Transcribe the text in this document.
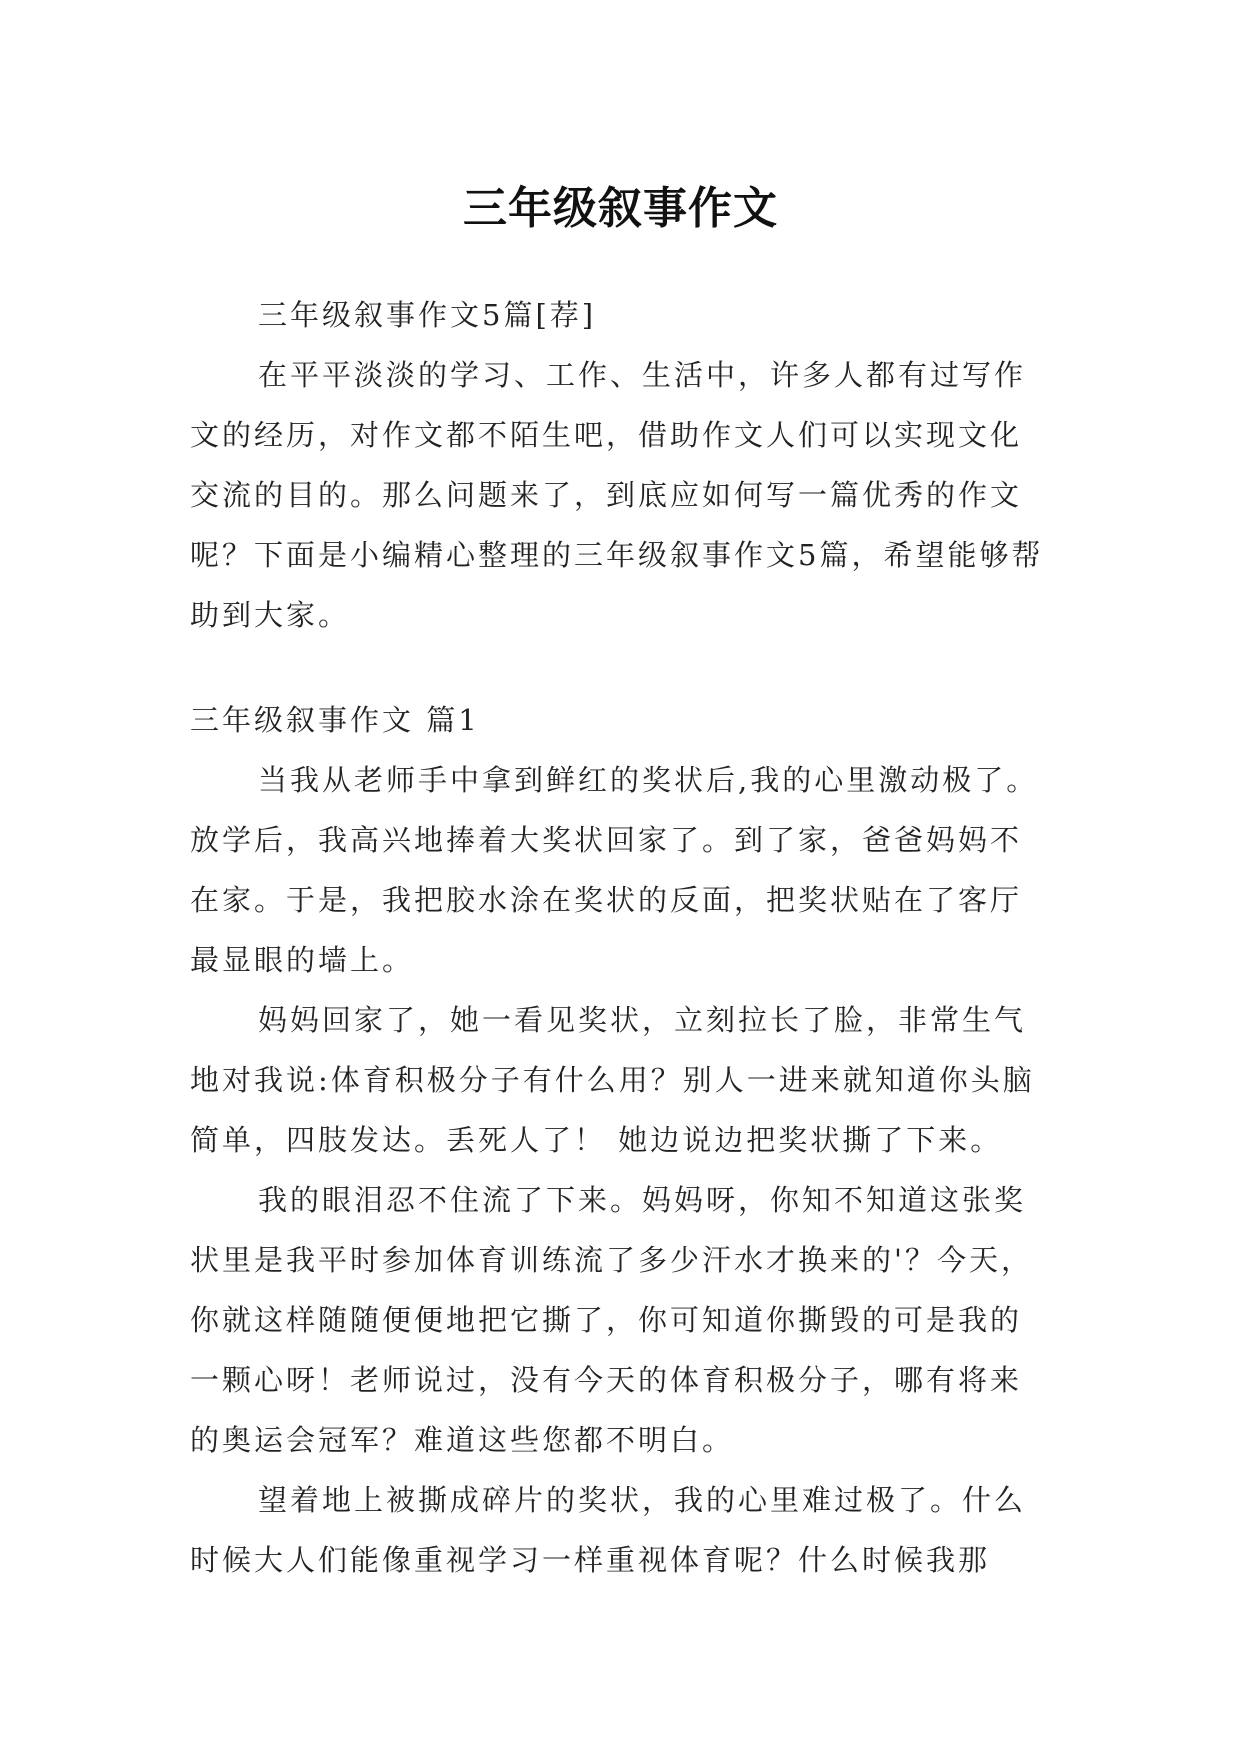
三年级叙事作文

三年级叙事作文5篇[荐]

在平平淡淡的学习、工作、生活中，许多人都有过写作文的经历，对作文都不陌生吧，借助作文人们可以实现文化交流的目的。那么问题来了，到底应如何写一篇优秀的作文呢？下面是小编精心整理的三年级叙事作文5篇，希望能够帮助到大家。

三年级叙事作文 篇1

当我从老师手中拿到鲜红的奖状后,我的心里激动极了。放学后，我高兴地捧着大奖状回家了。到了家，爸爸妈妈不在家。于是，我把胶水涂在奖状的反面，把奖状贴在了客厅最显眼的墙上。

妈妈回家了，她一看见奖状，立刻拉长了脸，非常生气地对我说:体育积极分子有什么用？别人一进来就知道你头脑简单，四肢发达。丢死人了！ 她边说边把奖状撕了下来。

我的眼泪忍不住流了下来。妈妈呀，你知不知道这张奖状里是我平时参加体育训练流了多少汗水才换来的'？今天，你就这样随随便便地把它撕了，你可知道你撕毁的可是我的一颗心呀！老师说过，没有今天的体育积极分子，哪有将来的奥运会冠军？难道这些您都不明白。

望着地上被撕成碎片的奖状，我的心里难过极了。什么时候大人们能像重视学习一样重视体育呢？什么时候我那
